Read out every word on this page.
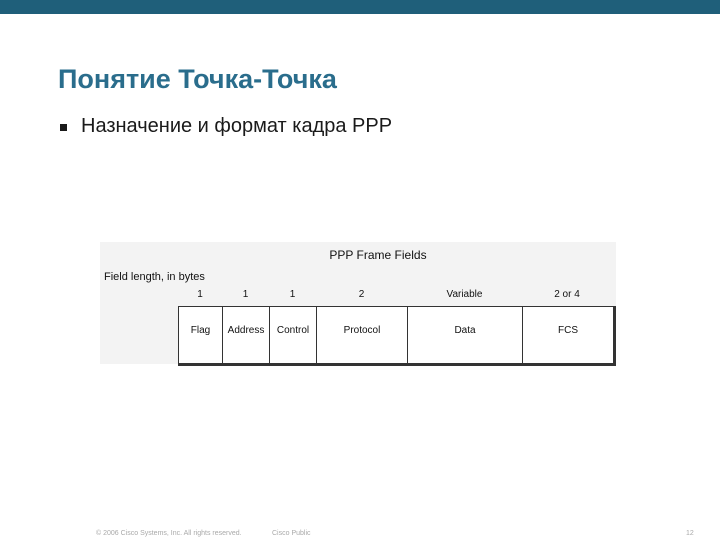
Понятие Точка-Точка
Назначение и формат кадра PPP
PPP Frame Fields
Field length, in bytes
1	1	1	2	Variable	2 or 4
Flag	Address	Control	Protocol	Data	FCS
© 2006 Cisco Systems, Inc. All rights reserved.	Cisco Public	12
